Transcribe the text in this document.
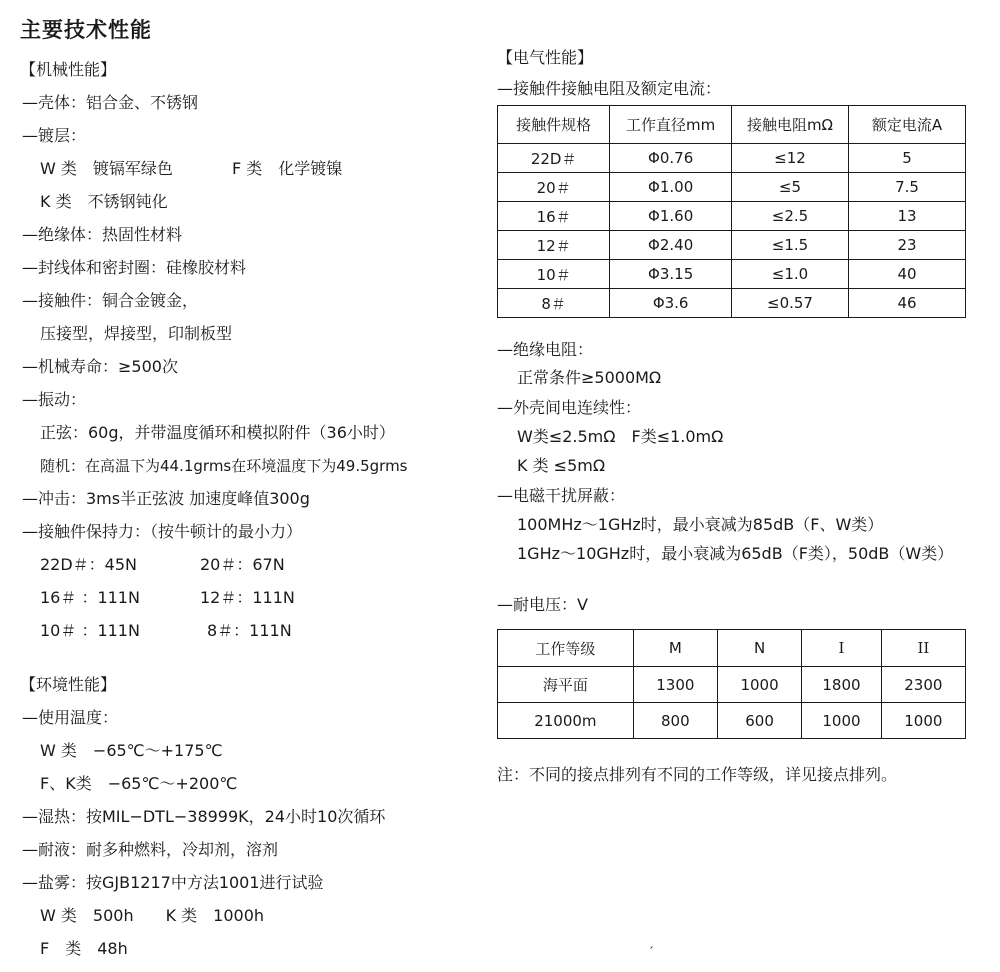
主要技术性能
【机械性能】
—壳体：铝合金、不锈钢
—镀层：
W 类　镀镉军绿色	F 类　化学镀镍
K 类　不锈钢钝化
—绝缘体：热固性材料
—封线体和密封圈：硅橡胶材料
—接触件：铜合金镀金，
压接型，焊接型，印制板型
—机械寿命：≥500次
—振动：
正弦：60g，并带温度循环和模拟附件（36小时）
随机：在高温下为44.1grms在环境温度下为49.5grms
—冲击：3ms半正弦波 加速度峰值300g
—接触件保持力：（按牛顿计的最小力）
22D＃：45N	20＃：67N
16＃ ：111N	12＃：111N
10＃ ：111N	8＃：111N
【环境性能】
—使用温度：
W 类　−65℃～+175℃
F、K类　−65℃～+200℃
—湿热：按MIL−DTL−38999K，24小时10次循环
—耐液：耐多种燃料，冷却剂，溶剂
—盐雾：按GJB1217中方法1001进行试验
W 类　500h　　K 类　1000h
F　类　48h
【电气性能】
—接触件接触电阻及额定电流：
接触件规格	工作直径mm	接触电阻mΩ	额定电流A
22D＃	Φ0.76	≤12	5
20＃	Φ1.00	≤5	7.5
16＃	Φ1.60	≤2.5	13
12＃	Φ2.40	≤1.5	23
10＃	Φ3.15	≤1.0	40
8＃	Φ3.6	≤0.57	46
—绝缘电阻：
正常条件≥5000MΩ
—外壳间电连续性：
W类≤2.5mΩ　F类≤1.0mΩ
K 类 ≤5mΩ
—电磁干扰屏蔽：
100MHz～1GHz时，最小衰减为85dB（F、W类）
1GHz～10GHz时，最小衰减为65dB（F类），50dB（W类）
—耐电压：V
工作等级	M	N	I	II
海平面	1300	1000	1800	2300
21000m	800	600	1000	1000
注：不同的接点排列有不同的工作等级，详见接点排列。
′
